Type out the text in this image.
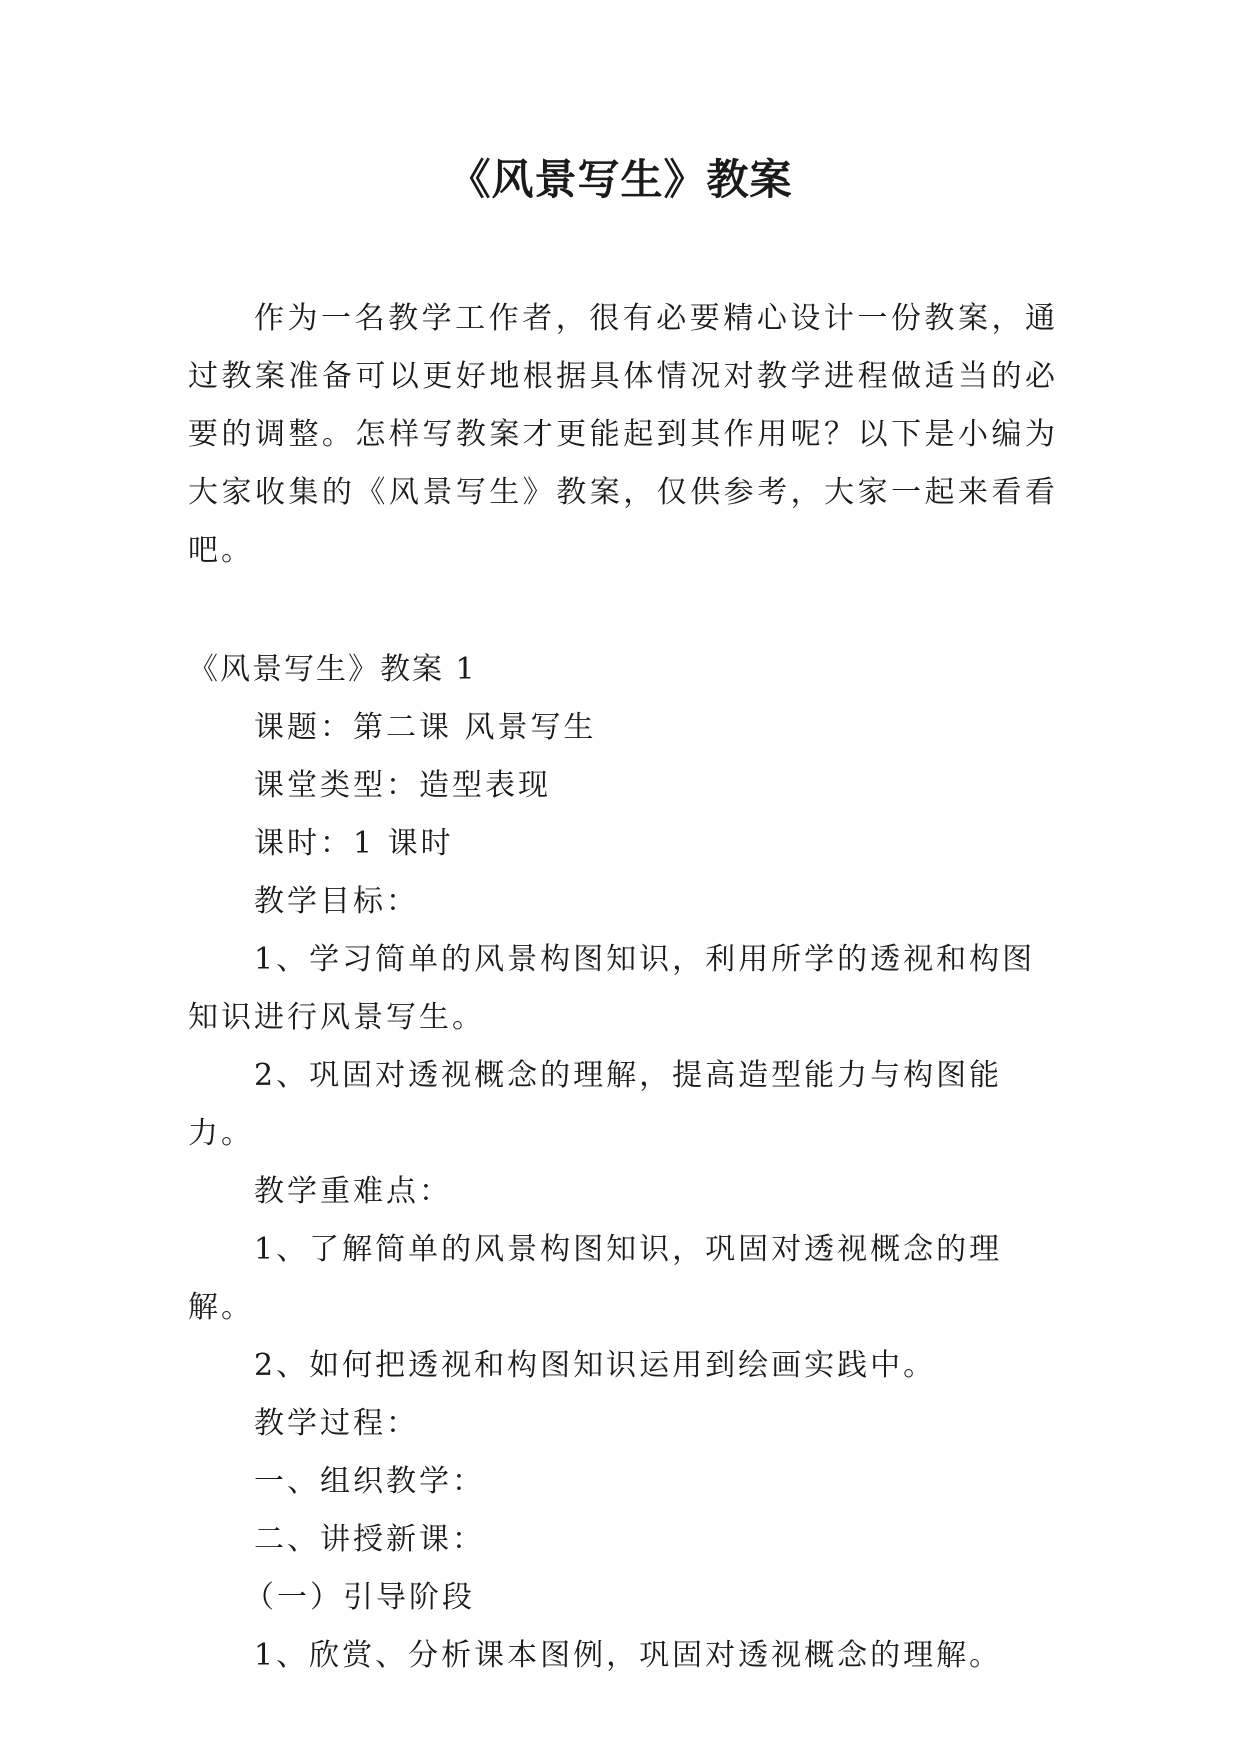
《风景写生》教案

作为一名教学工作者，很有必要精心设计一份教案，通过教案准备可以更好地根据具体情况对教学进程做适当的必要的调整。怎样写教案才更能起到其作用呢？以下是小编为大家收集的《风景写生》教案，仅供参考，大家一起来看看吧。

《风景写生》教案 1

课题：第二课 风景写生
课堂类型：造型表现
课时：1 课时
教学目标：
1、学习简单的风景构图知识，利用所学的透视和构图知识进行风景写生。
2、巩固对透视概念的理解，提高造型能力与构图能力。
教学重难点：
1、了解简单的风景构图知识，巩固对透视概念的理解。
2、如何把透视和构图知识运用到绘画实践中。
教学过程：
一、组织教学：
二、讲授新课：
（一）引导阶段
1、欣赏、分析课本图例，巩固对透视概念的理解。
